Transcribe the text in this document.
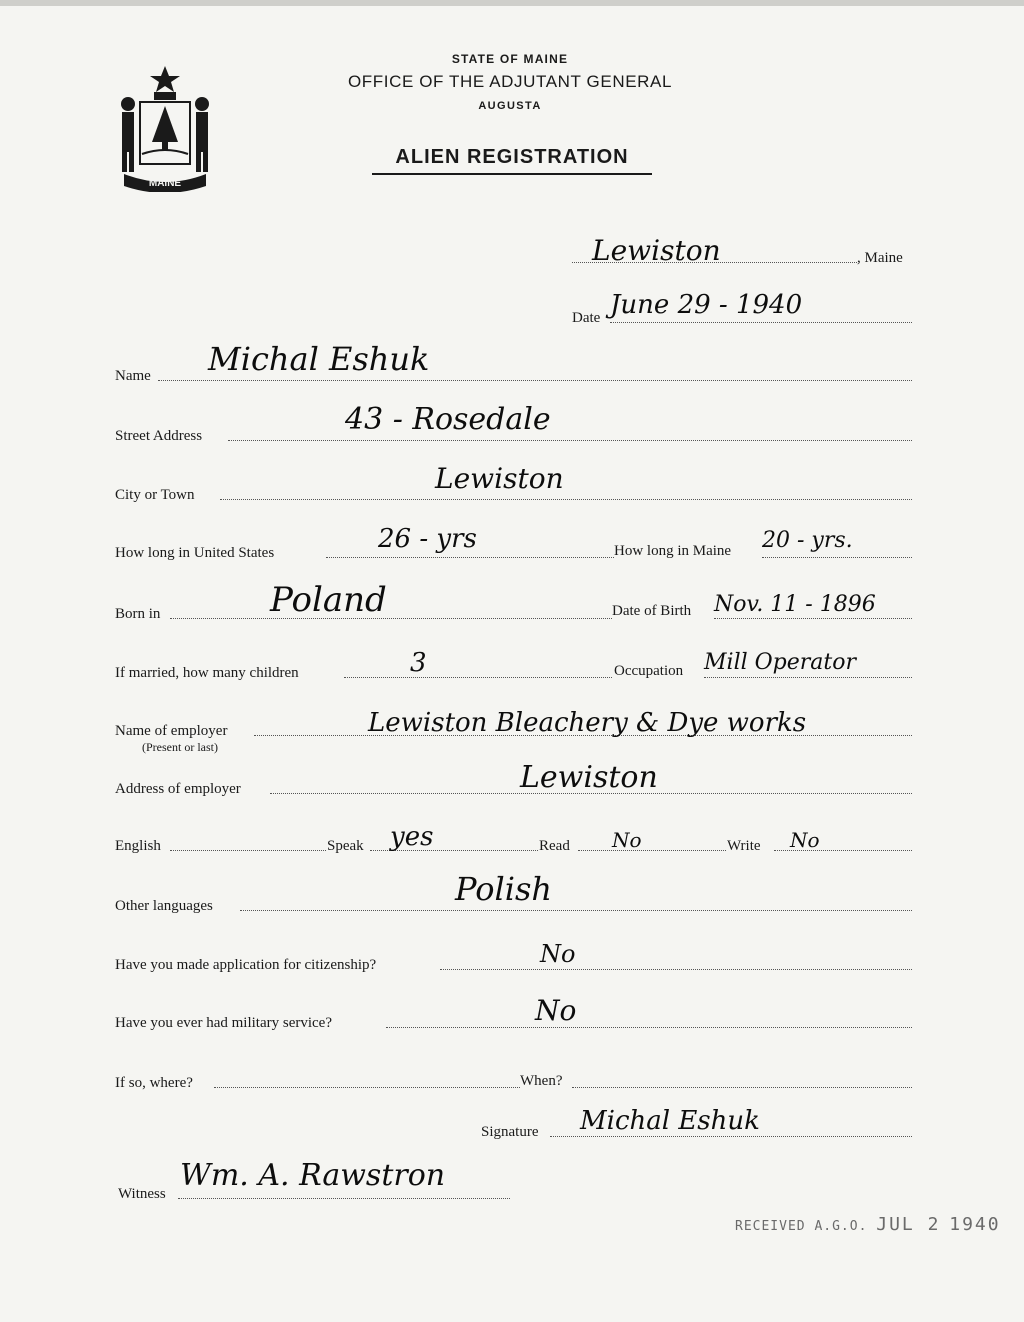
MAINE
STATE OF MAINE
OFFICE OF THE ADJUTANT GENERAL
AUGUSTA
ALIEN REGISTRATION
Lewiston	, Maine
Date June 29 - 1940
Name Michal Eshuk
Street Address	43 - Rosedale
City or Town	Lewiston
How long in United States	26 - yrs	How long in Maine 20 - yrs.
Born in	Poland	Date of Birth Nov. 11 - 1896
If married, how many children	3	Occupation Mill Operator
Name of employer
(Present or last)
Lewiston Bleachery & Dye works
Address of employer	Lewiston
English	Speak yes	Read No	Write No
Other languages	Polish
Have you made application for citizenship?	No
Have you ever had military service?	No
If so, where?	When?
Signature Michal Eshuk
Witness
Wm. A. Rawstron
RECEIVED A.G.O. JUL 2 1940
